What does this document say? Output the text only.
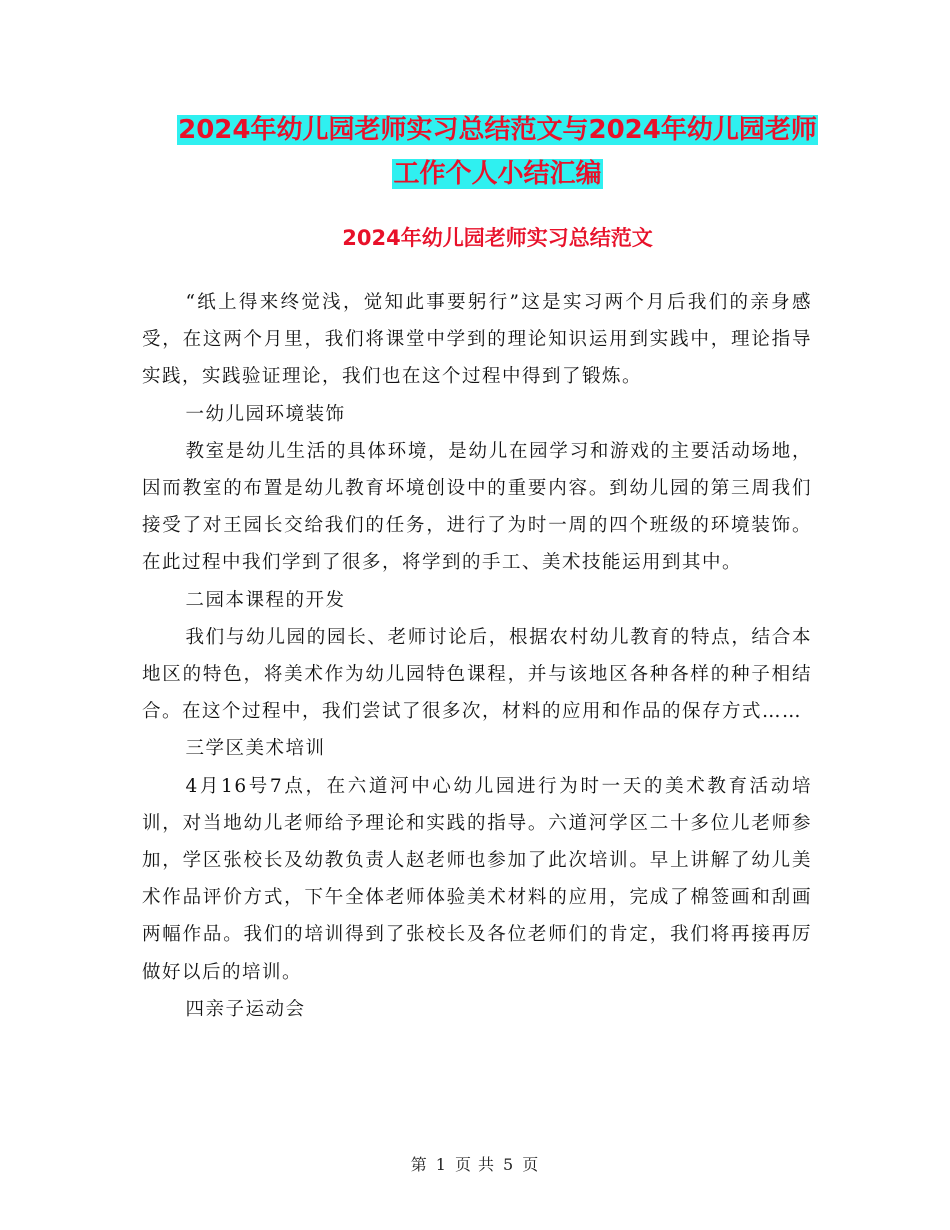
2024年幼儿园老师实习总结范文与2024年幼儿园老师
工作个人小结汇编
2024年幼儿园老师实习总结范文

“纸上得来终觉浅，觉知此事要躬行”这是实习两个月后我们的亲身感受，在这两个月里，我们将课堂中学到的理论知识运用到实践中，理论指导实践，实践验证理论，我们也在这个过程中得到了锻炼。

一幼儿园环境装饰

教室是幼儿生活的具体环境，是幼儿在园学习和游戏的主要活动场地，因而教室的布置是幼儿教育坏境创设中的重要内容。到幼儿园的第三周我们接受了对王园长交给我们的任务，进行了为时一周的四个班级的环境装饰。在此过程中我们学到了很多，将学到的手工、美术技能运用到其中。

二园本课程的开发

我们与幼儿园的园长、老师讨论后，根据农村幼儿教育的特点，结合本地区的特色，将美术作为幼儿园特色课程，并与该地区各种各样的种子相结合。在这个过程中，我们尝试了很多次，材料的应用和作品的保存方式……

三学区美术培训

4月16号7点，在六道河中心幼儿园进行为时一天的美术教育活动培训，对当地幼儿老师给予理论和实践的指导。六道河学区二十多位儿老师参加，学区张校长及幼教负责人赵老师也参加了此次培训。早上讲解了幼儿美术作品评价方式，下午全体老师体验美术材料的应用，完成了棉签画和刮画两幅作品。我们的培训得到了张校长及各位老师们的肯定，我们将再接再厉做好以后的培训。

四亲子运动会

第 1 页 共 5 页
